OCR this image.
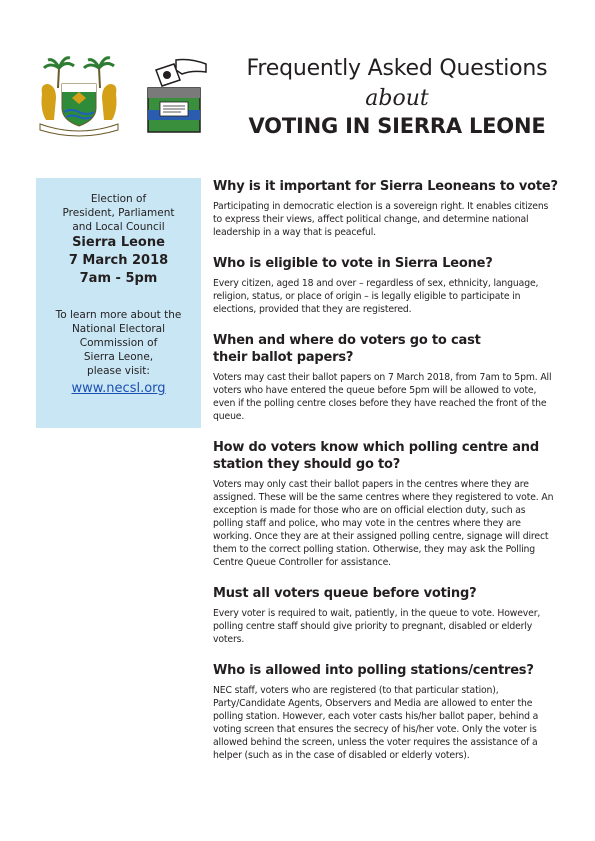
Frequently Asked Questions
about
VOTING IN SIERRA LEONE
Election of
President, Parliament
and Local Council
Sierra Leone
7 March 2018
7am - 5pm
To learn more about the
National Electoral
Commission of
Sierra Leone,
please visit:
www.necsl.org
Why is it important for Sierra Leoneans to vote?
Participating in democratic election is a sovereign right. It enables citizens to express their views, affect political change, and determine national leadership in a way that is peaceful.
Who is eligible to vote in Sierra Leone?
Every citizen, aged 18 and over – regardless of sex, ethnicity, language, religion, status, or place of origin – is legally eligible to participate in elections, provided that they are registered.
When and where do voters go to cast their ballot papers?
Voters may cast their ballot papers on 7 March 2018, from 7am to 5pm. All voters who have entered the queue before 5pm will be allowed to vote, even if the polling centre closes before they have reached the front of the queue.
How do voters know which polling centre and station they should go to?
Voters may only cast their ballot papers in the centres where they are assigned. These will be the same centres where they registered to vote. An exception is made for those who are on official election duty, such as polling staff and police, who may vote in the centres where they are working. Once they are at their assigned polling centre, signage will direct them to the correct polling station. Otherwise, they may ask the Polling Centre Queue Controller for assistance.
Must all voters queue before voting?
Every voter is required to wait, patiently, in the queue to vote. However, polling centre staff should give priority to pregnant, disabled or elderly voters.
Who is allowed into polling stations/centres?
NEC staff, voters who are registered (to that particular station), Party/Candidate Agents, Observers and Media are allowed to enter the polling station. However, each voter casts his/her ballot paper, behind a voting screen that ensures the secrecy of his/her vote. Only the voter is allowed behind the screen, unless the voter requires the assistance of a helper (such as in the case of disabled or elderly voters).
